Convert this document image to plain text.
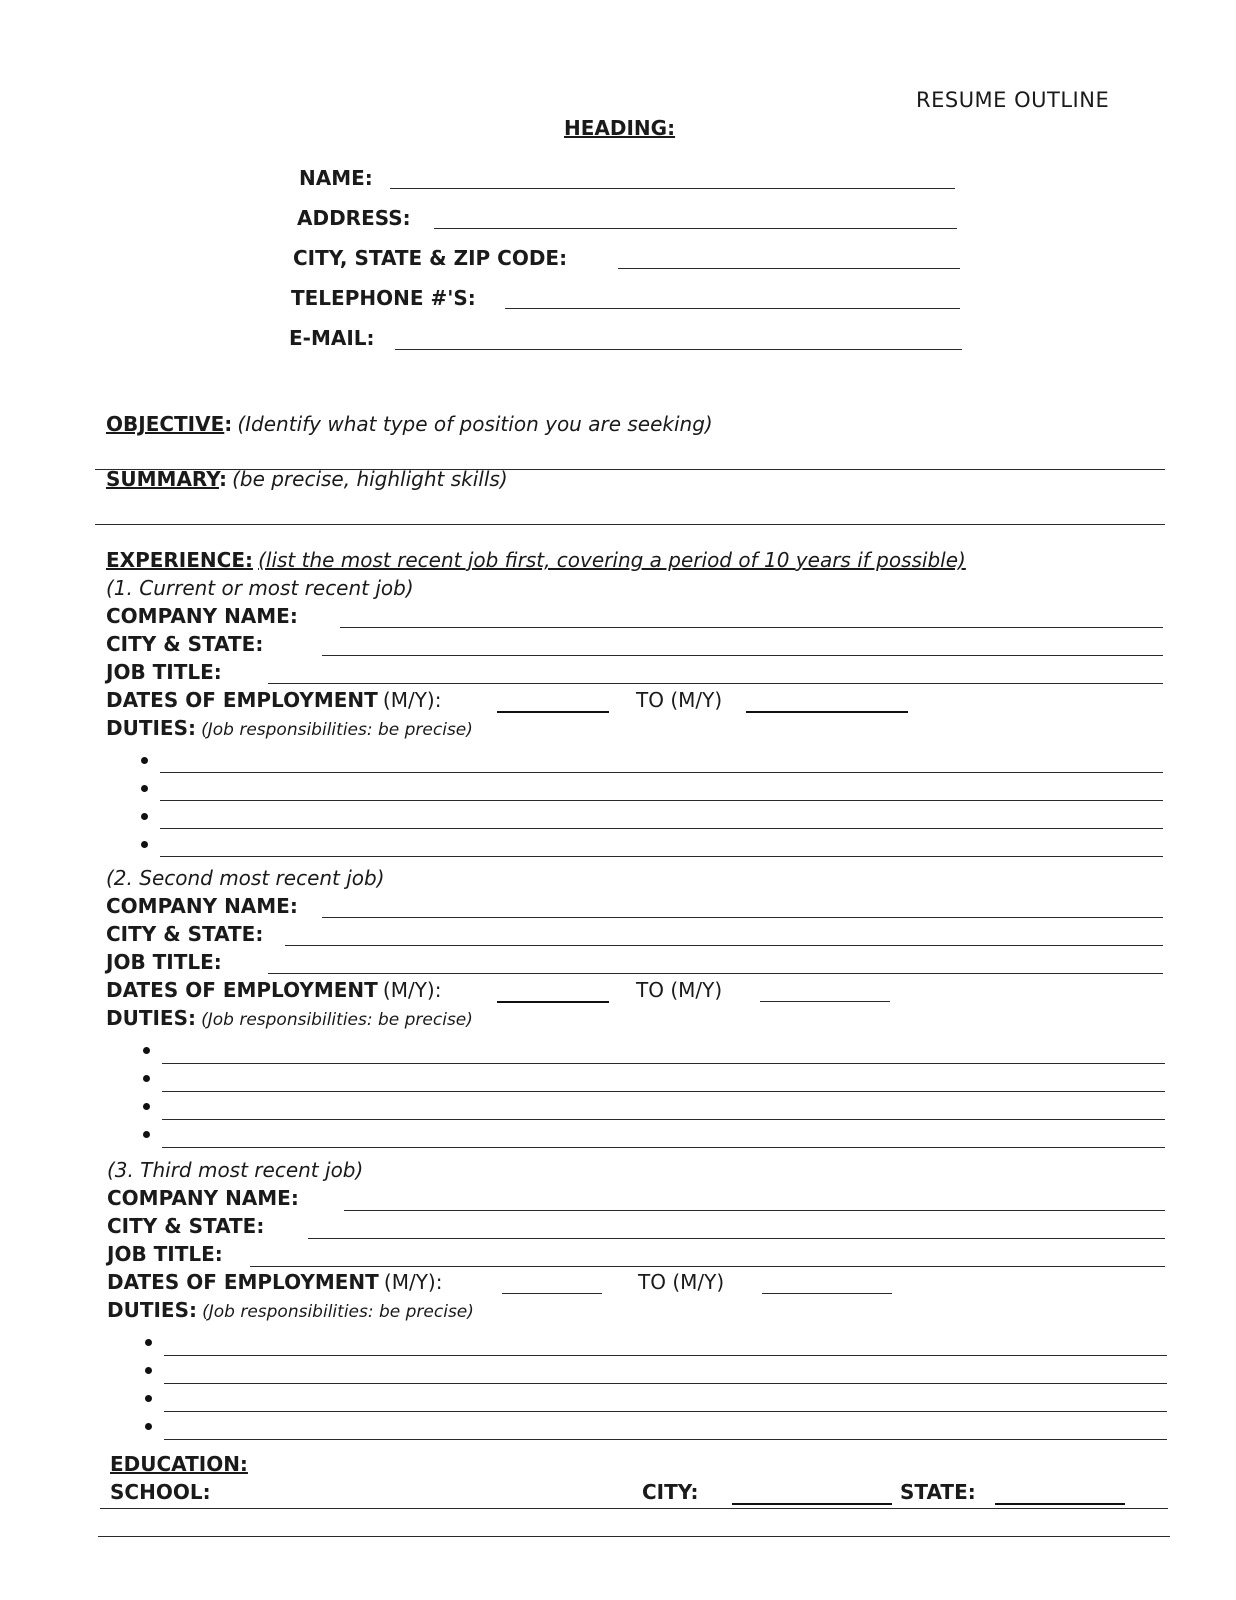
RESUME OUTLINE
HEADING:
NAME:
ADDRESS:
CITY, STATE & ZIP CODE:
TELEPHONE #'S:
E-MAIL:
OBJECTIVE: (Identify what type of position you are seeking)
SUMMARY: (be precise, highlight skills)
EXPERIENCE: (list the most recent job first, covering a period of 10 years if possible)
(1. Current or most recent job)
COMPANY NAME:
CITY & STATE:
JOB TITLE:
DATES OF EMPLOYMENT (M/Y):	TO (M/Y)
DUTIES: (Job responsibilities: be precise)
(2. Second most recent job)
COMPANY NAME:
CITY & STATE:
JOB TITLE:
DATES OF EMPLOYMENT (M/Y):	TO (M/Y)
DUTIES: (Job responsibilities: be precise)
(3. Third most recent job)
COMPANY NAME:
CITY & STATE:
JOB TITLE:
DATES OF EMPLOYMENT (M/Y):	TO (M/Y)
DUTIES: (Job responsibilities: be precise)
EDUCATION:
SCHOOL:	CITY:	STATE:
